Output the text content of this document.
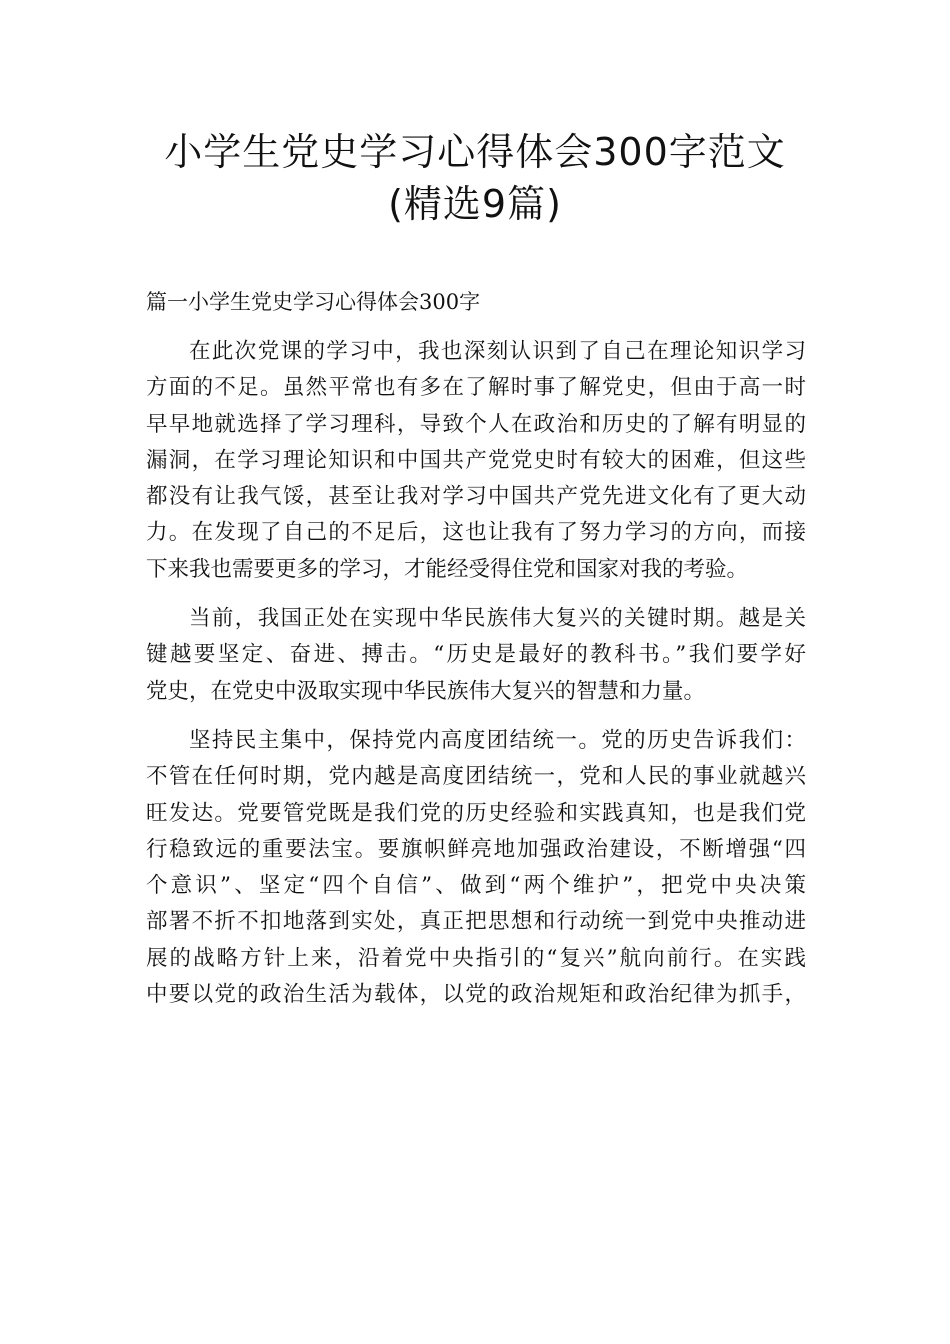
小学生党史学习心得体会300字范文
(精选9篇)
篇一小学生党史学习心得体会300字
在此次党课的学习中，我也深刻认识到了自己在理论知识学习
方面的不足。虽然平常也有多在了解时事了解党史，但由于高一时
早早地就选择了学习理科，导致个人在政治和历史的了解有明显的
漏洞，在学习理论知识和中国共产党党史时有较大的困难，但这些
都没有让我气馁，甚至让我对学习中国共产党先进文化有了更大动
力。在发现了自己的不足后，这也让我有了努力学习的方向，而接
下来我也需要更多的学习，才能经受得住党和国家对我的考验。
当前，我国正处在实现中华民族伟大复兴的关键时期。越是关
键越要坚定、奋进、搏击。“历史是最好的教科书。”我们要学好
党史，在党史中汲取实现中华民族伟大复兴的智慧和力量。
坚持民主集中，保持党内高度团结统一。党的历史告诉我们：
不管在任何时期，党内越是高度团结统一，党和人民的事业就越兴
旺发达。党要管党既是我们党的历史经验和实践真知，也是我们党
行稳致远的重要法宝。要旗帜鲜亮地加强政治建设，不断增强“四
个意识”、坚定“四个自信”、做到“两个维护”，把党中央决策
部署不折不扣地落到实处，真正把思想和行动统一到党中央推动进
展的战略方针上来，沿着党中央指引的“复兴”航向前行。在实践
中要以党的政治生活为载体，以党的政治规矩和政治纪律为抓手，
